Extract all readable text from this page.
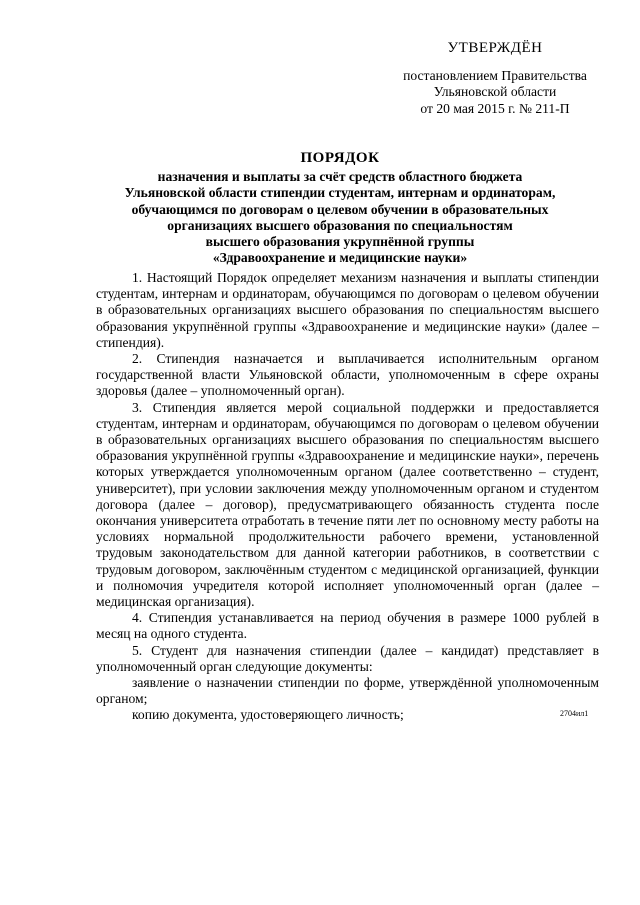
УТВЕРЖДЁН
постановлением Правительства
Ульяновской области
от 20 мая 2015 г. № 211-П
ПОРЯДОК
назначения и выплаты за счёт средств областного бюджета
Ульяновской области стипендии студентам, интернам и ординаторам,
обучающимся по договорам о целевом обучении в образовательных
организациях высшего образования по специальностям
высшего образования укрупнённой группы
«Здравоохранение и медицинские науки»

1. Настоящий Порядок определяет механизм назначения и выплаты стипендии студентам, интернам и ординаторам, обучающимся по договорам о целевом обучении в образовательных организациях высшего образования по специальностям высшего образования укрупнённой группы «Здравоохранение и медицинские науки» (далее – стипендия).

2. Стипендия назначается и выплачивается исполнительным органом государственной власти Ульяновской области, уполномоченным в сфере охраны здоровья (далее – уполномоченный орган).

3. Стипендия является мерой социальной поддержки и предоставляется студентам, интернам и ординаторам, обучающимся по договорам о целевом обучении в образовательных организациях высшего образования по специальностям высшего образования укрупнённой группы «Здравоохранение и медицинские науки», перечень которых утверждается уполномоченным органом (далее соответственно – студент, университет), при условии заключения между уполномоченным органом и студентом договора (далее – договор), предусматривающего обязанность студента после окончания университета отработать в течение пяти лет по основному месту работы на условиях нормальной продолжительности рабочего времени, установленной трудовым законодательством для данной категории работников, в соответствии с трудовым договором, заключённым студентом с медицинской организацией, функции и полномочия учредителя которой исполняет уполномоченный орган (далее – медицинская организация).

4. Стипендия устанавливается на период обучения в размере 1000 рублей в месяц на одного студента.

5. Студент для назначения стипендии (далее – кандидат) представляет в уполномоченный орган следующие документы:

заявление о назначении стипендии по форме, утверждённой уполномоченным органом;

копию документа, удостоверяющего личность;	2704ил1
